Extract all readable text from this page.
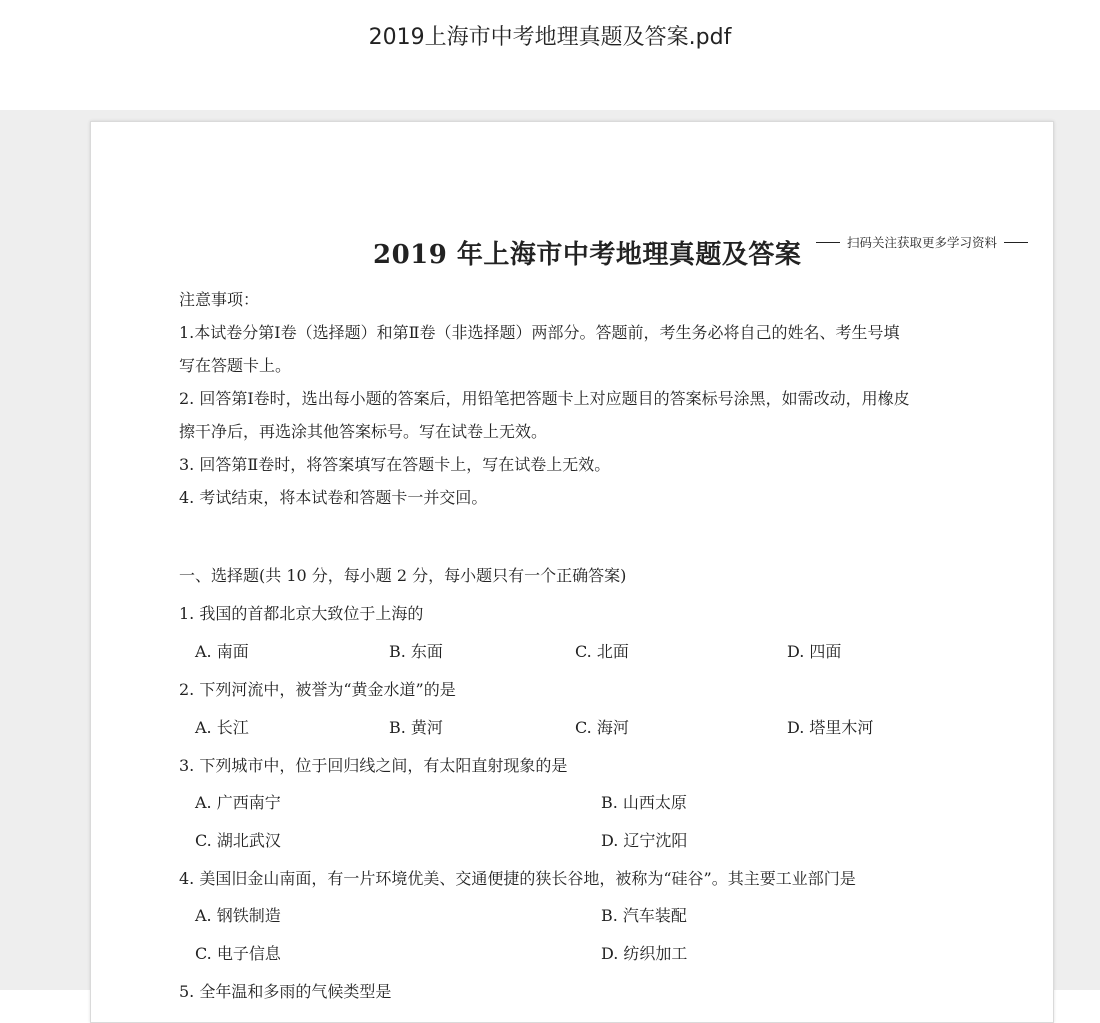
2019上海市中考地理真题及答案.pdf
2019 年上海市中考地理真题及答案	扫码关注获取更多学习资料
注意事项：
1.本试卷分第Ⅰ卷（选择题）和第Ⅱ卷（非选择题）两部分。答题前，考生务必将自己的姓名、考生号填
写在答题卡上。
2. 回答第Ⅰ卷时，选出每小题的答案后，用铅笔把答题卡上对应题目的答案标号涂黑，如需改动，用橡皮
擦干净后，再选涂其他答案标号。写在试卷上无效。
3. 回答第Ⅱ卷时，将答案填写在答题卡上，写在试卷上无效。
4. 考试结束，将本试卷和答题卡一并交回。
一、选择题(共 10 分，每小题 2 分，每小题只有一个正确答案)
1. 我国的首都北京大致位于上海的
A. 南面	B. 东面	C. 北面	D. 四面
2. 下列河流中，被誉为“黄金水道”的是
A. 长江	B. 黄河	C. 海河	D. 塔里木河
3. 下列城市中，位于回归线之间，有太阳直射现象的是
A. 广西南宁	B. 山西太原
C. 湖北武汉	D. 辽宁沈阳
4. 美国旧金山南面，有一片环境优美、交通便捷的狭长谷地，被称为“硅谷”。其主要工业部门是
A. 钢铁制造	B. 汽车装配
C. 电子信息	D. 纺织加工
5. 全年温和多雨的气候类型是
